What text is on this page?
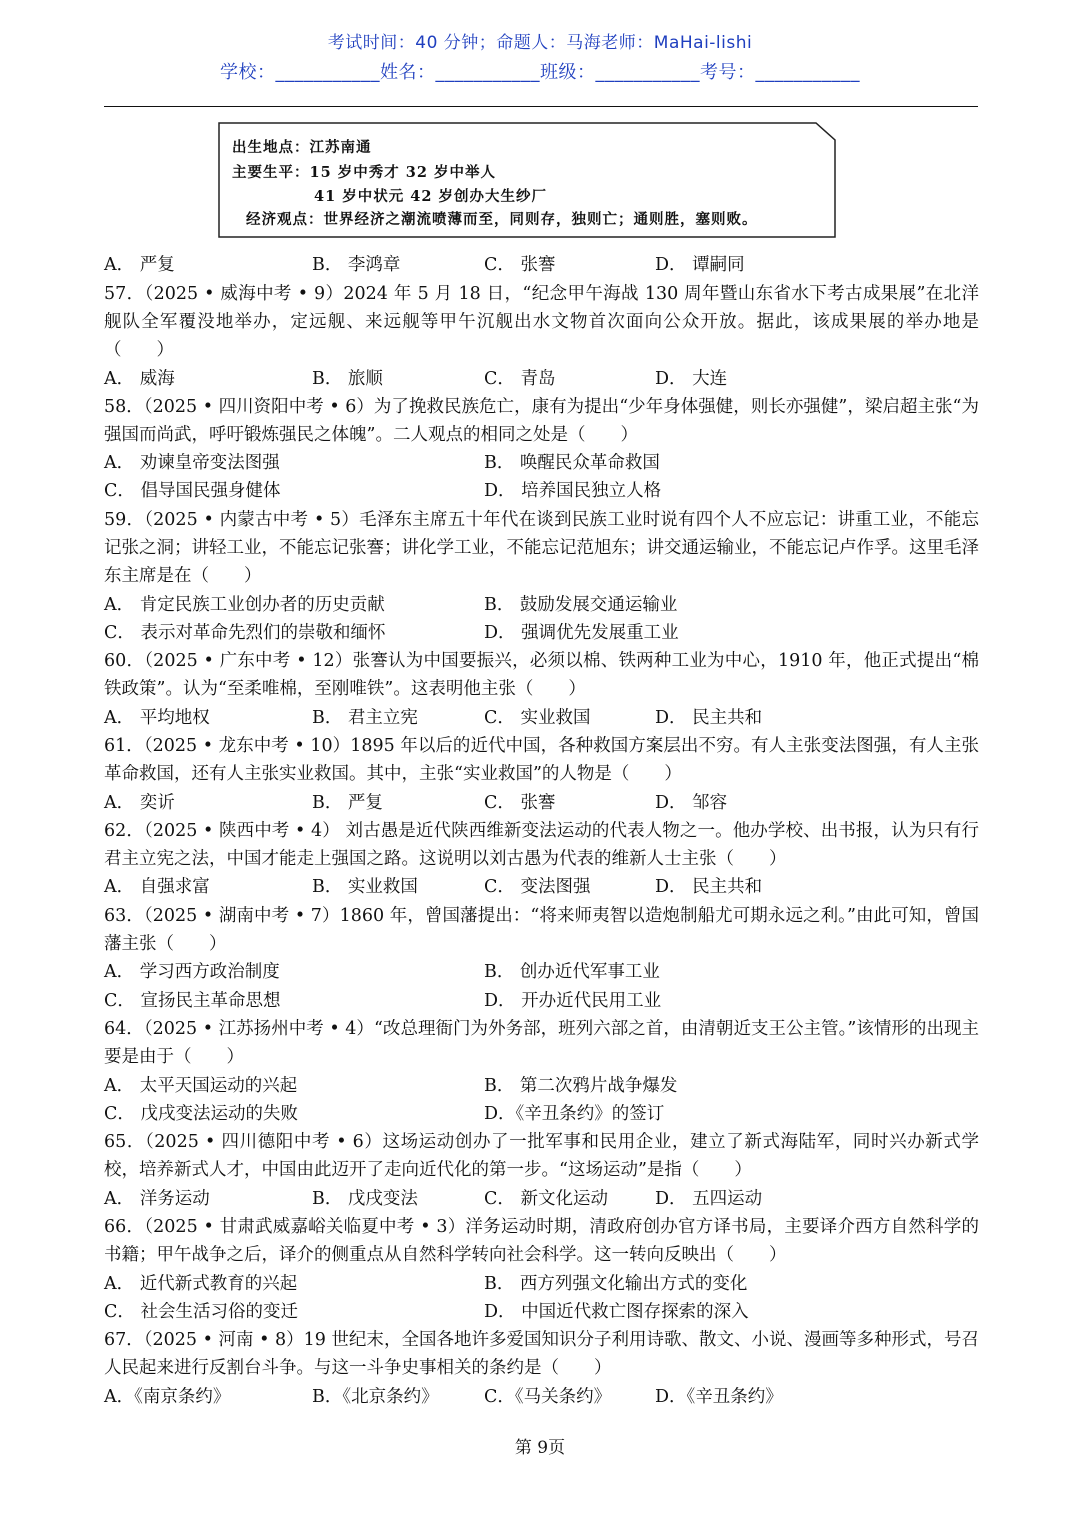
考试时间：40 分钟；命题人：马海老师：MaHai-lishi
学校：___________姓名：___________班级：___________考号：___________
出生地点：江苏南通
主要生平：15 岁中秀才 32 岁中举人
41 岁中状元 42 岁创办大生纱厂
经济观点：世界经济之潮流喷薄而至，同则存，独则亡；通则胜，塞则败。
A． 严复	B． 李鸿章	C． 张謇	D． 谭嗣同
57．（2025 • 威海中考 • 9）2024 年 5 月 18 日，“纪念甲午海战 130 周年暨山东省水下考古成果展”在北洋舰队全军覆没地举办，定远舰、来远舰等甲午沉舰出水文物首次面向公众开放。据此，该成果展的举办地是（　　）
A． 威海	B． 旅顺	C． 青岛	D． 大连
58．（2025 • 四川资阳中考 • 6）为了挽救民族危亡，康有为提出“少年身体强健，则长亦强健”，梁启超主张“为强国而尚武，呼吁锻炼强民之体魄”。二人观点的相同之处是（　　）
A． 劝谏皇帝变法图强	B． 唤醒民众革命救国
C． 倡导国民强身健体	D． 培养国民独立人格
59．（2025 • 内蒙古中考 • 5）毛泽东主席五十年代在谈到民族工业时说有四个人不应忘记：讲重工业，不能忘记张之洞；讲轻工业，不能忘记张謇；讲化学工业，不能忘记范旭东；讲交通运输业，不能忘记卢作孚。这里毛泽东主席是在（　　）
A． 肯定民族工业创办者的历史贡献	B． 鼓励发展交通运输业
C． 表示对革命先烈们的崇敬和缅怀	D． 强调优先发展重工业
60．（2025 • 广东中考 • 12）张謇认为中国要振兴，必须以棉、铁两种工业为中心，1910 年，他正式提出“棉铁政策”。认为“至柔唯棉，至刚唯铁”。这表明他主张（　　）
A． 平均地权	B． 君主立宪	C． 实业救国	D． 民主共和
61．（2025 • 龙东中考 • 10）1895 年以后的近代中国，各种救国方案层出不穷。有人主张变法图强，有人主张革命救国，还有人主张实业救国。其中，主张“实业救国”的人物是（　　）
A． 奕䜣	B． 严复	C． 张謇	D． 邹容
62．（2025 • 陕西中考 • 4） 刘古愚是近代陕西维新变法运动的代表人物之一。他办学校、出书报，认为只有行君主立宪之法，中国才能走上强国之路。这说明以刘古愚为代表的维新人士主张（　　）
A． 自强求富	B． 实业救国	C． 变法图强	D． 民主共和
63．（2025 • 湖南中考 • 7）1860 年，曾国藩提出：“将来师夷智以造炮制船尤可期永远之利。”由此可知，曾国藩主张（　　）
A． 学习西方政治制度	B． 创办近代军事工业
C． 宣扬民主革命思想	D． 开办近代民用工业
64．（2025 • 江苏扬州中考 • 4）“改总理衙门为外务部，班列六部之首，由清朝近支王公主管。”该情形的出现主要是由于（　　）
A． 太平天国运动的兴起	B． 第二次鸦片战争爆发
C． 戊戌变法运动的失败	D．《辛丑条约》的签订
65．（2025 • 四川德阳中考 • 6）这场运动创办了一批军事和民用企业，建立了新式海陆军，同时兴办新式学校，培养新式人才，中国由此迈开了走向近代化的第一步。“这场运动”是指（　　）
A． 洋务运动	B． 戊戌变法	C． 新文化运动	D． 五四运动
66．（2025 • 甘肃武威嘉峪关临夏中考 • 3）洋务运动时期，清政府创办官方译书局，主要译介西方自然科学的书籍；甲午战争之后，译介的侧重点从自然科学转向社会科学。这一转向反映出（　　）
A． 近代新式教育的兴起	B． 西方列强文化输出方式的变化
C． 社会生活习俗的变迁	D． 中国近代救亡图存探索的深入
67．（2025 • 河南 • 8）19 世纪末，全国各地许多爱国知识分子利用诗歌、散文、小说、漫画等多种形式，号召人民起来进行反割台斗争。与这一斗争史事相关的条约是（　　）
A．《南京条约》	B．《北京条约》	C．《马关条约》	D．《辛丑条约》
第 9页
